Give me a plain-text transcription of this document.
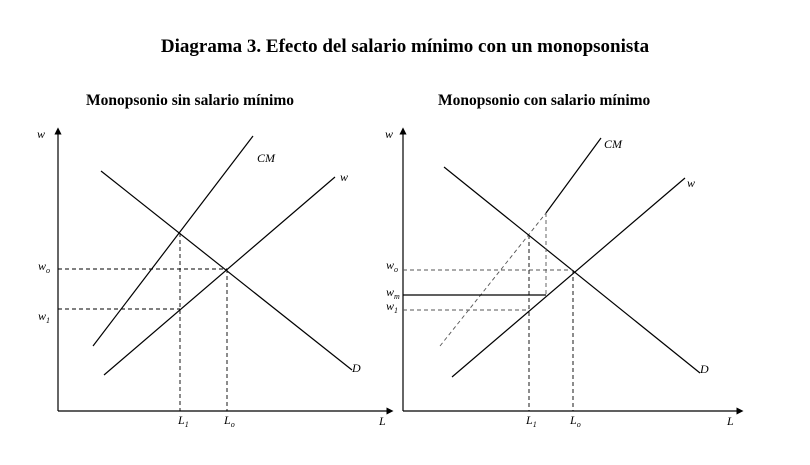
Diagrama 3. Efecto del salario mínimo con un monopsonista
Monopsonio sin salario mínimo	Monopsonio con salario mínimo
w
L
CM
w
D
$w_o$
$w_1$
$L_1$	$L_o$
w
L
CM
w
D
$w_o$
$w_m$
$w_1$
$L_1$	$L_o$
